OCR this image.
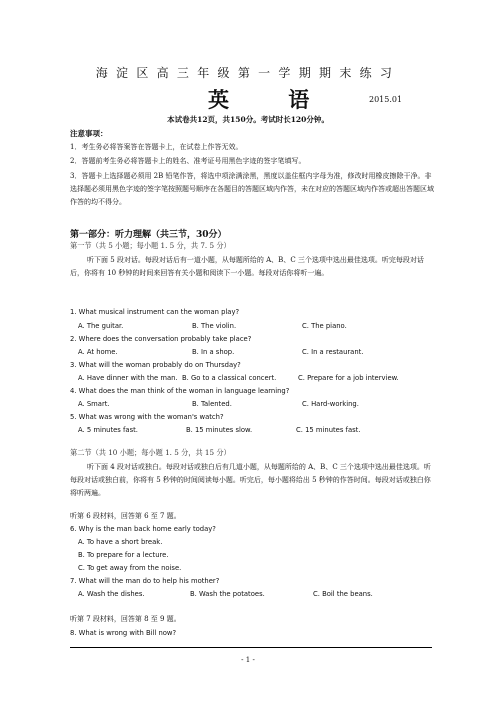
海淀区高三年级第一学期期末练习
英 语	2015.01
本试卷共12页，共150分。考试时长120分钟。
注意事项：
1．考生务必将答案答在答题卡上，在试卷上作答无效。
2．答题前考生务必将答题卡上的姓名、准考证号用黑色字迹的签字笔填写。
3．答题卡上选择题必须用 2B 铅笔作答，将选中项涂满涂黑，黑度以盖住框内字母为准，修改时用橡皮擦除干净。非选择题必须用黑色字迹的签字笔按照题号顺序在各题目的答题区域内作答，未在对应的答题区域内作答或超出答题区域作答的均不得分。
第一部分：听力理解（共三节，30分）
第一节（共 5 小题；每小题 1. 5 分，共 7. 5 分）
听下面 5 段对话。每段对话后有一道小题，从每题所给的 A、B、C 三个选项中选出最佳选项。听完每段对话后，你将有 10 秒钟的时间来回答有关小题和阅读下一小题。每段对话你将听一遍。
1. What musical instrument can the woman play?
A. The guitar.	B. The violin.	C. The piano.
2. Where does the conversation probably take place?
A. At home.	B. In a shop.	C. In a restaurant.
3. What will the woman probably do on Thursday?
A. Have dinner with the man. B. Go to a classical concert.	C. Prepare for a job interview.
4. What does the man think of the woman in language learning?
A. Smart.	B. Talented.	C. Hard-working.
5. What was wrong with the woman's watch?
A. 5 minutes fast.	B. 15 minutes slow.	C. 15 minutes fast.
第二节（共 10 小题；每小题 1. 5 分，共 15 分）
听下面 4 段对话或独白。每段对话或独白后有几道小题，从每题所给的 A、B、C 三个选项中选出最佳选项。听每段对话或独白前，你将有 5 秒钟的时间阅读每小题。听完后，每小题将给出 5 秒钟的作答时间。每段对话或独白你将听两遍。
听第 6 段材料，回答第 6 至 7 题。
6. Why is the man back home early today?
A. To have a short break.
B. To prepare for a lecture.
C. To get away from the noise.
7. What will the man do to help his mother?
A. Wash the dishes.	B. Wash the potatoes.	C. Boil the beans.
听第 7 段材料，回答第 8 至 9 题。
8. What is wrong with Bill now?
- 1 -
